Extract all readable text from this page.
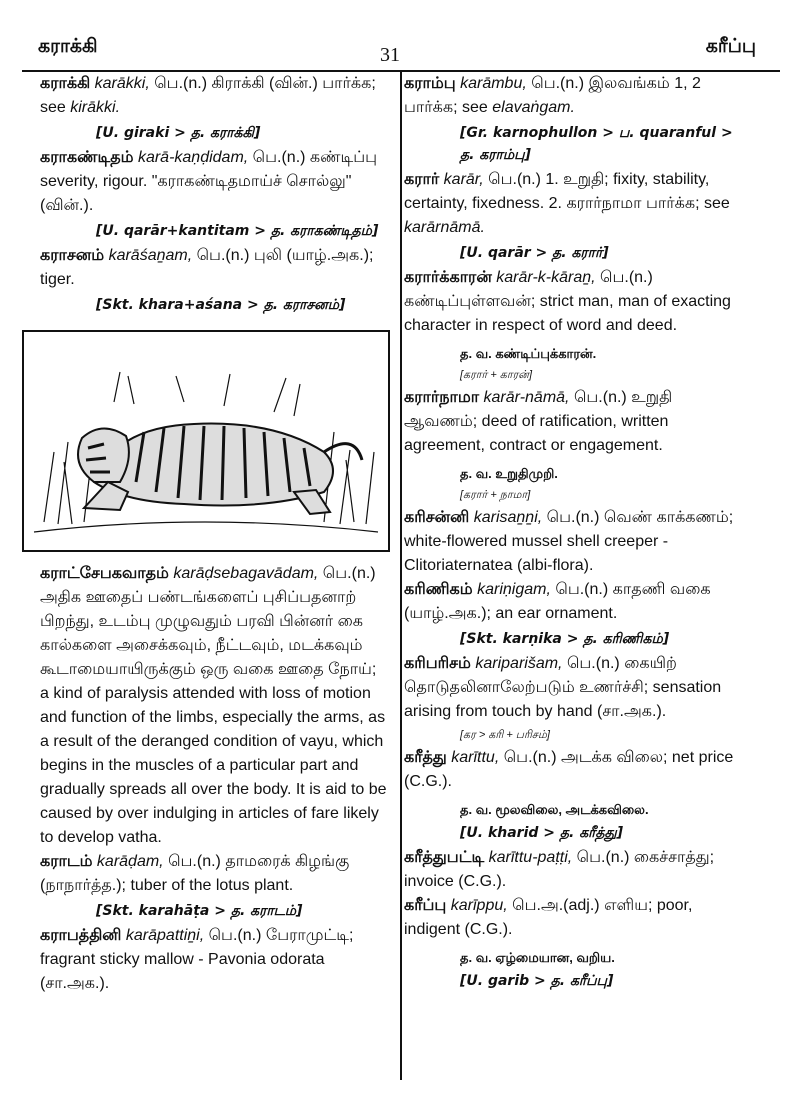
கராக்கி	31	கரீப்பு

கராக்கி karākki, பெ.(n.) கிராக்கி (வின்.) பார்க்க; see kirākki.

[U. giraki > த. கராக்கி]

கராகண்டிதம் karā-kaṇḍidam, பெ.(n.) கண்டிப்பு severity, rigour. "கராகண்டிதமாய்ச் சொல்லு" (வின்.).

[U. qarār+kantitam > த. கராகண்டிதம்]

கராசனம் karāśaṉam, பெ.(n.) புலி (யாழ்.அக.); tiger.

[Skt. khara+aśana > த. கராசனம்]

கராட்சேபகவாதம் karāḍsebagavādam, பெ.(n.) அதிக ஊதைப் பண்டங்களைப் புசிப்பதனாற் பிறந்து, உடம்பு முழுவதும் பரவி பின்னர் கை கால்களை அசைக்கவும், நீட்டவும், மடக்கவும் கூடாமையாயிருக்கும் ஒரு வகை ஊதை நோய்; a kind of paralysis attended with loss of motion and function of the limbs, especially the arms, as a result of the deranged condition of vayu, which begins in the muscles of a particular part and gradually spreads all over the body. It is aid to be caused by over indulging in articles of fare likely to develop vatha.

கராடம் karāḍam, பெ.(n.) தாமரைக் கிழங்கு (நாநார்த்த.); tuber of the lotus plant.

[Skt. karahāṭa > த. கராடம்]

கராபத்தினி karāpattiṉi, பெ.(n.) பேராமுட்டி; fragrant sticky mallow - Pavonia odorata (சா.அக.).

கராம்பு karāmbu, பெ.(n.) இலவங்கம் 1, 2 பார்க்க; see elavaṅgam.

[Gr. karnophullon > ப. quaranful > த. கராம்பு]

கரார் karār, பெ.(n.) 1. உறுதி; fixity, stability, certainty, fixedness. 2. கரார்நாமா பார்க்க; see karārnāmā.

[U. qarār > த. கரார்]

கரார்க்காரன் karār-k-kāraṉ, பெ.(n.) கண்டிப்புள்ளவன்; strict man, man of exacting character in respect of word and deed.

த. வ. கண்டிப்புக்காரன்.
[கரார் + காரன்]

கரார்நாமா karār-nāmā, பெ.(n.) உறுதி ஆவணம்; deed of ratification, written agreement, contract or engagement.

த. வ. உறுதிமுறி.
[கரார் + நாமா]

கரிசன்னி karisaṉṉi, பெ.(n.) வெண் காக்கணம்; white-flowered mussel shell creeper - Clitoriaternatea (albi-flora).

கரிணிகம் kariṇigam, பெ.(n.) காதணி வகை (யாழ்.அக.); an ear ornament.

[Skt. karṇika > த. கரிணிகம்]

கரிபரிசம் kariparišam, பெ.(n.) கையிற் தொடுதலினாலேற்படும் உணர்ச்சி; sensation arising from touch by hand (சா.அக.).

[கர > கரி + பரிசம்]

கரீத்து karīttu, பெ.(n.) அடக்க விலை; net price (C.G.).

த. வ. மூலவிலை, அடக்கவிலை.
[U. kharid > த. கரீத்து]

கரீத்துபட்டி karīttu-paṭṭi, பெ.(n.) கைச்சாத்து; invoice (C.G.).

கரீப்பு karīppu, பெ.அ.(adj.) எளிய; poor, indigent (C.G.).

த. வ. ஏழ்மையான, வறிய.
[U. garib > த. கரீப்பு]
